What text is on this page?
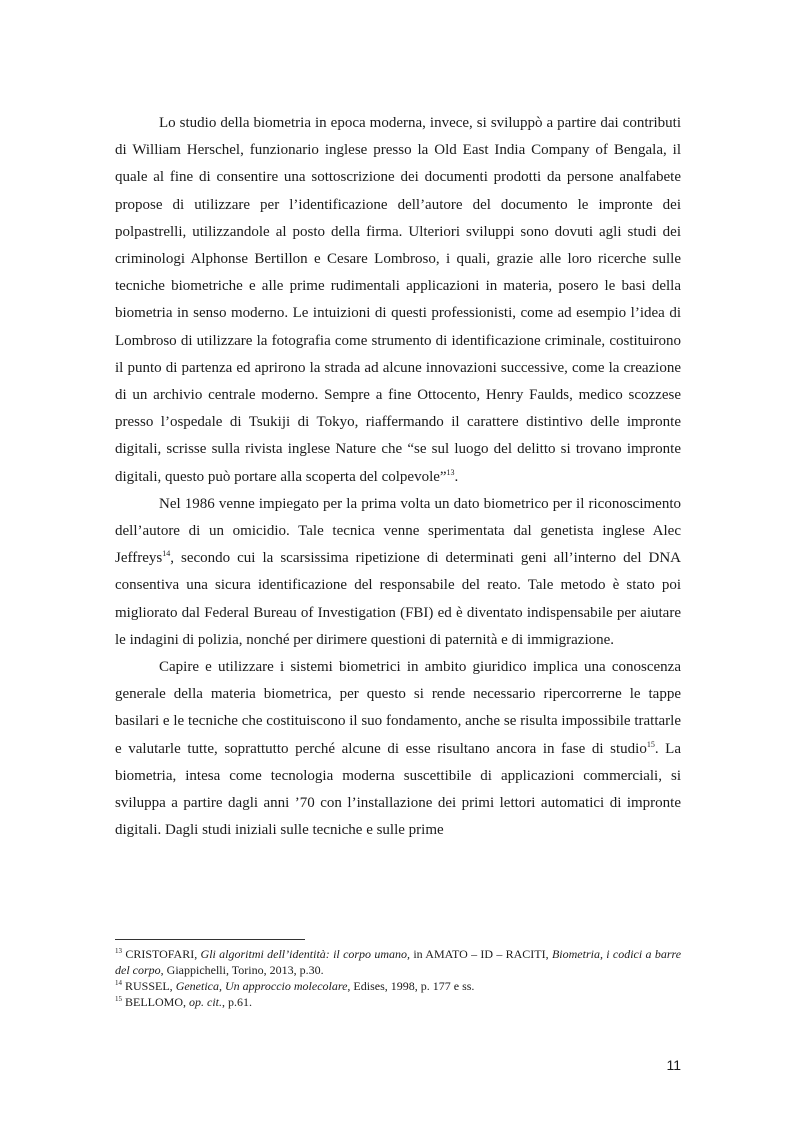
Lo studio della biometria in epoca moderna, invece, si sviluppò a partire dai contributi di William Herschel, funzionario inglese presso la Old East India Company of Bengala, il quale al fine di consentire una sottoscrizione dei documenti prodotti da persone analfabete propose di utilizzare per l’identificazione dell’autore del documento le impronte dei polpastrelli, utilizzandole al posto della firma. Ulteriori sviluppi sono dovuti agli studi dei criminologi Alphonse Bertillon e Cesare Lombroso, i quali, grazie alle loro ricerche sulle tecniche biometriche e alle prime rudimentali applicazioni in materia, posero le basi della biometria in senso moderno. Le intuizioni di questi professionisti, come ad esempio l’idea di Lombroso di utilizzare la fotografia come strumento di identificazione criminale, costituirono il punto di partenza ed aprirono la strada ad alcune innovazioni successive, come la creazione di un archivio centrale moderno. Sempre a fine Ottocento, Henry Faulds, medico scozzese presso l’ospedale di Tsukiji di Tokyo, riaffermando il carattere distintivo delle impronte digitali, scrisse sulla rivista inglese Nature che “se sul luogo del delitto si trovano impronte digitali, questo può portare alla scoperta del colpevole”$^{13}$.

Nel 1986 venne impiegato per la prima volta un dato biometrico per il riconoscimento dell’autore di un omicidio. Tale tecnica venne sperimentata dal genetista inglese Alec Jeffreys$^{14}$, secondo cui la scarsissima ripetizione di determinati geni all’interno del DNA consentiva una sicura identificazione del responsabile del reato. Tale metodo è stato poi migliorato dal Federal Bureau of Investigation (FBI) ed è diventato indispensabile per aiutare le indagini di polizia, nonché per dirimere questioni di paternità e di immigrazione.

Capire e utilizzare i sistemi biometrici in ambito giuridico implica una conoscenza generale della materia biometrica, per questo si rende necessario ripercorrerne le tappe basilari e le tecniche che costituiscono il suo fondamento, anche se risulta impossibile trattarle e valutarle tutte, soprattutto perché alcune di esse risultano ancora in fase di studio$^{15}$. La biometria, intesa come tecnologia moderna suscettibile di applicazioni commerciali, si sviluppa a partire dagli anni ’70 con l’installazione dei primi lettori automatici di impronte digitali. Dagli studi iniziali sulle tecniche e sulle prime

$^{13}$ CRISTOFARI, Gli algoritmi dell’identità: il corpo umano, in AMATO – ID – RACITI, Biometria, i codici a barre del corpo, Giappichelli, Torino, 2013, p.30.
$^{14}$ RUSSEL, Genetica, Un approccio molecolare, Edises, 1998, p. 177 e ss.
$^{15}$ BELLOMO, op. cit., p.61.
11
